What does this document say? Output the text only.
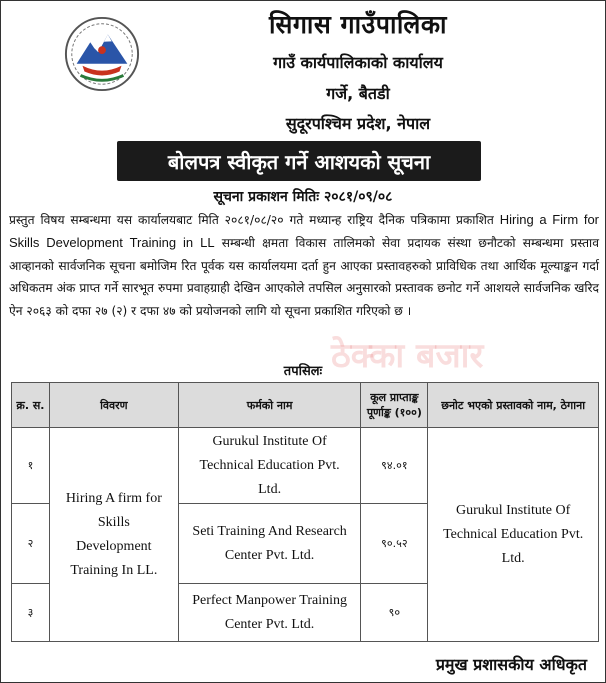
सिगास गाउँपालिका
गाउँ कार्यपालिकाको कार्यालय
गर्जे, बैतडी
सुदूरपश्चिम प्रदेश, नेपाल
बोलपत्र स्वीकृत गर्ने आशयको सूचना
सूचना प्रकाशन मितिः २०८१/०९/०८
ठेक्का बजार
प्रस्तुत विषय सम्बन्धमा यस कार्यालयबाट मिति २०८१/०८/२० गते मध्यान्ह राष्ट्रिय दैनिक पत्रिकामा प्रकाशित Hiring a Firm for Skills Development Training in LL सम्बन्धी क्षमता विकास तालिमको सेवा प्रदायक संस्था छनौटको सम्बन्धमा प्रस्ताव आव्हानको सार्वजनिक सूचना बमोजिम रित पूर्वक यस कार्यालयमा दर्ता हुन आएका प्रस्तावहरुको प्राविधिक तथा आर्थिक मूल्याङ्कन गर्दा अधिकतम अंक प्राप्त गर्ने सारभूत रुपमा प्रवाहग्राही देखिन आएकोले तपसिल अनुसारको प्रस्तावक छनोट गर्ने आशयले सार्वजनिक खरिद ऐन २०६३ को दफा २७ (२) र दफा ४७ को प्रयोजनको लागि यो सूचना प्रकाशित गरिएको छ ।
तपसिलः
क्र. स.	विवरण	फर्मको नाम	कूल प्राप्ताङ्क पूर्णाङ्क (१००)	छनोट भएको प्रस्तावको नाम, ठेगाना
१	Hiring A firm for Skills Development Training In LL.	Gurukul Institute Of Technical Education Pvt. Ltd.	९४.०१	Gurukul Institute Of Technical Education Pvt. Ltd.
२		Seti Training And Research Center Pvt. Ltd.	९०.५२	
३		Perfect Manpower Training Center Pvt. Ltd.	९०	
प्रमुख प्रशासकीय अधिकृत
